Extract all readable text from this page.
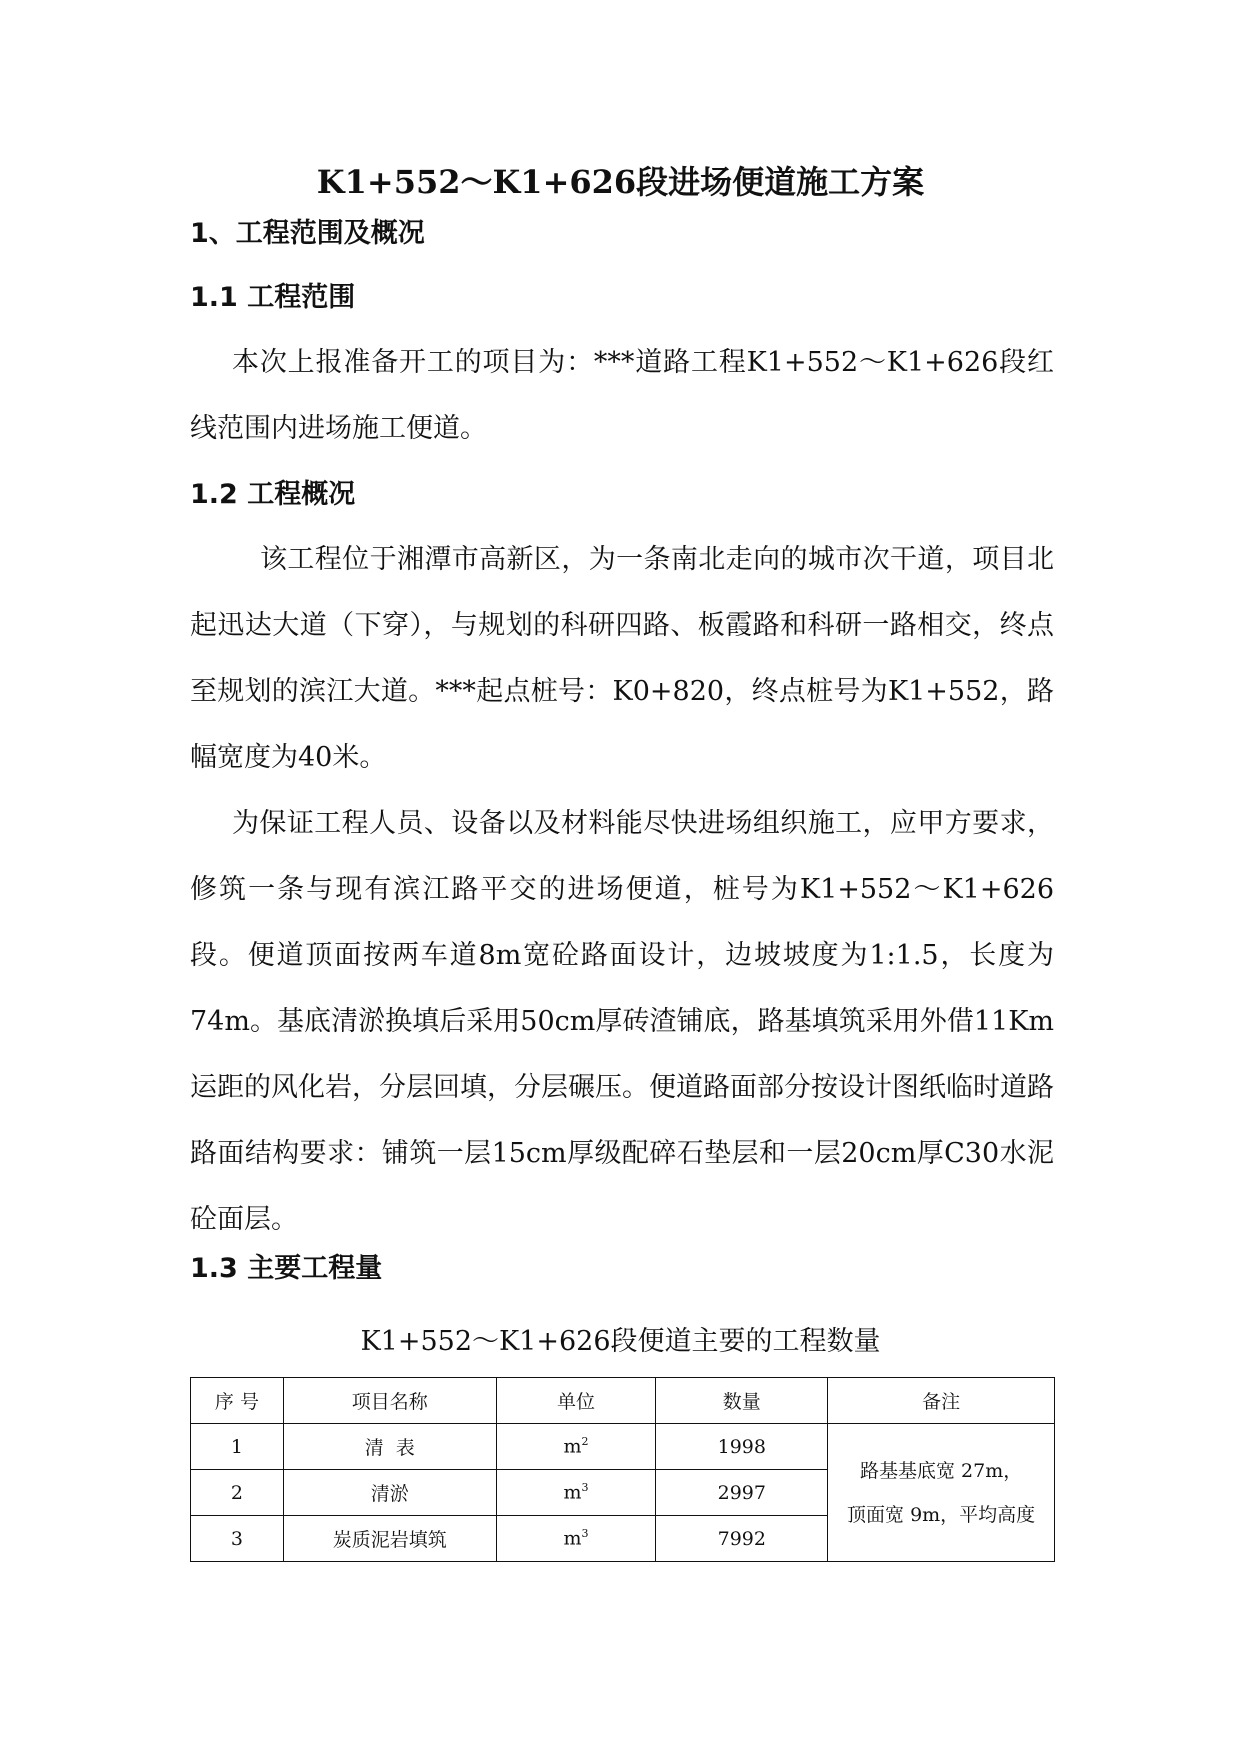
K1+552～K1+626段进场便道施工方案
1、工程范围及概况
1.1 工程范围

本次上报准备开工的项目为：***道路工程K1+552～K1+626段红线范围内进场施工便道。

1.2 工程概况

该工程位于湘潭市高新区，为一条南北走向的城市次干道，项目北起迅达大道（下穿），与规划的科研四路、板霞路和科研一路相交，终点至规划的滨江大道。***起点桩号：K0+820，终点桩号为K1+552，路幅宽度为40米。

为保证工程人员、设备以及材料能尽快进场组织施工，应甲方要求，修筑一条与现有滨江路平交的进场便道，桩号为K1+552～K1+626段。便道顶面按两车道8m宽砼路面设计，边坡坡度为1:1.5，长度为74m。基底清淤换填后采用50cm厚砖渣铺底，路基填筑采用外借11Km运距的风化岩，分层回填，分层碾压。便道路面部分按设计图纸临时道路路面结构要求：铺筑一层15cm厚级配碎石垫层和一层20cm厚C30水泥砼面层。

1.3 主要工程量
K1+552～K1+626段便道主要的工程数量
序 号	项目名称	单位	数量	备注
1	清  表	$m^2$	1998	路基基底宽 27m，
顶面宽 9m，平均高度

2	清淤	$m^3$	2997	
3	炭质泥岩填筑	$m^3$	7992	
